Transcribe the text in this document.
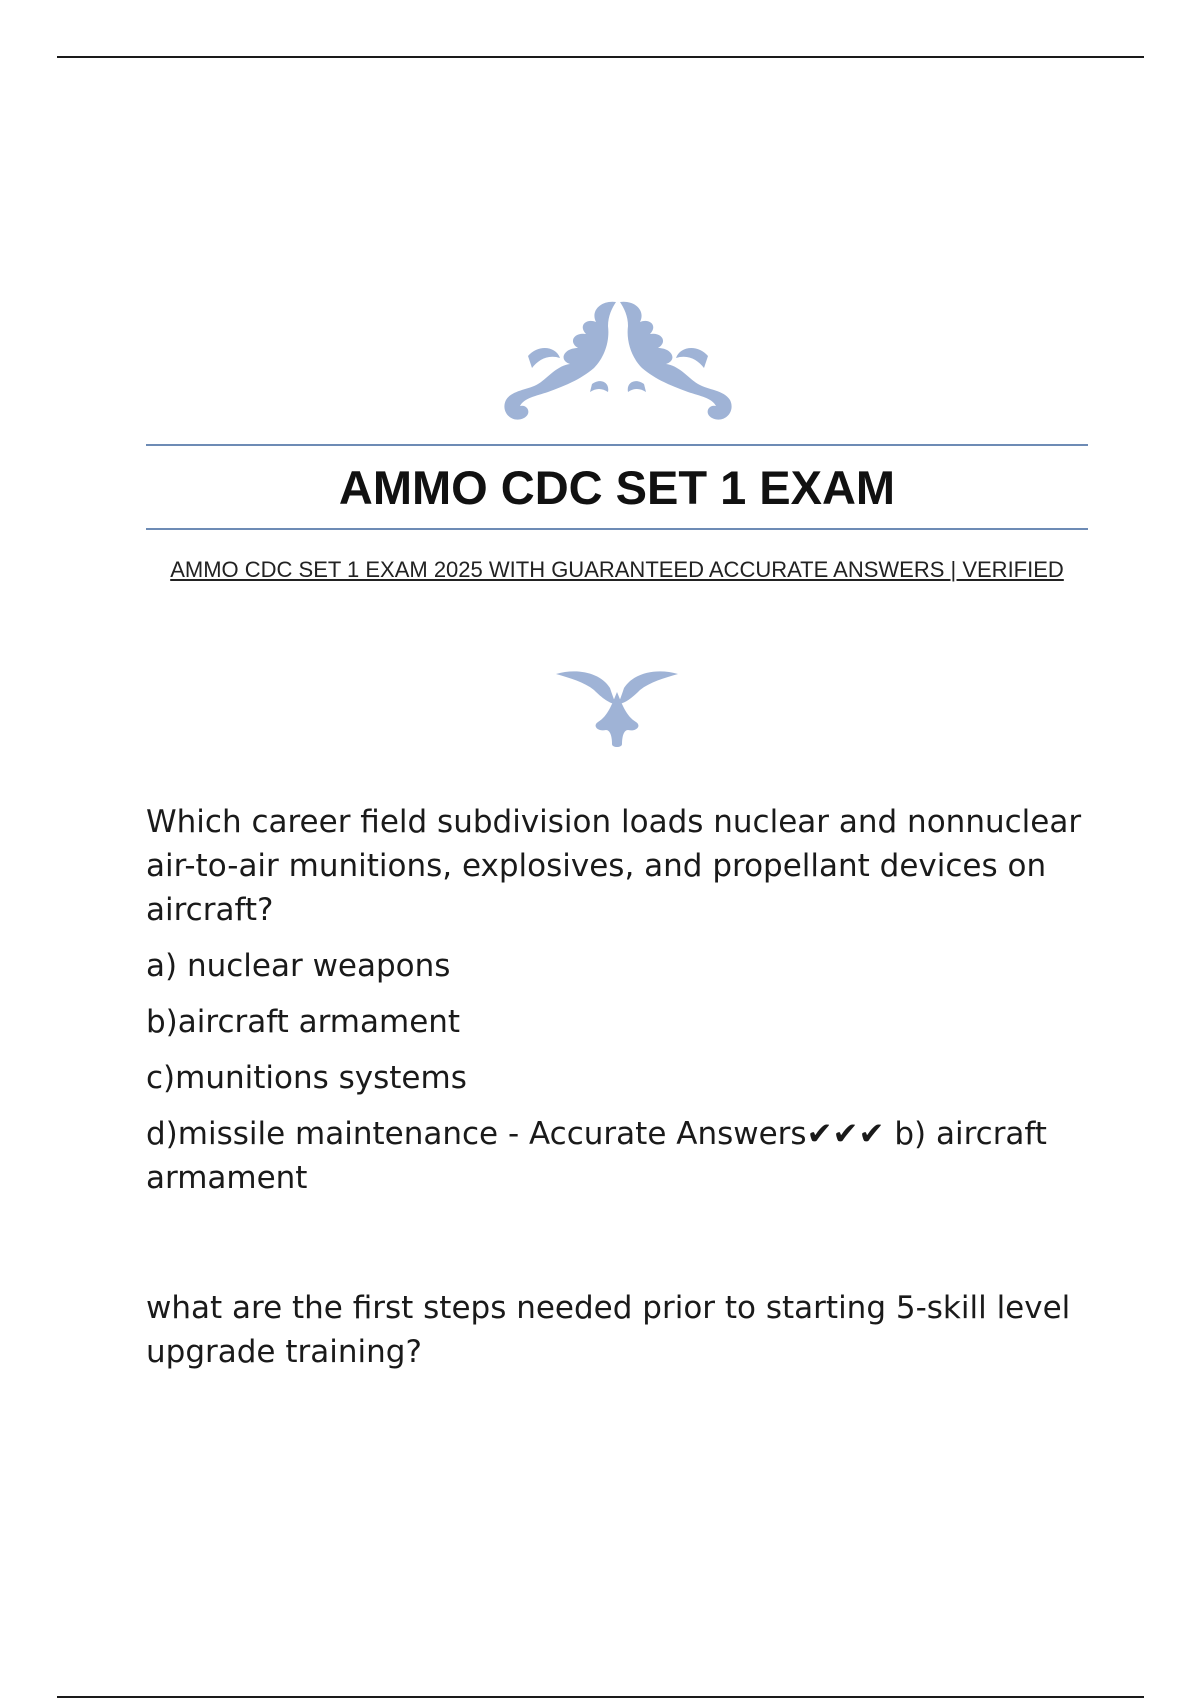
AMMO CDC SET 1 EXAM

AMMO CDC SET 1 EXAM 2025 WITH GUARANTEED ACCURATE ANSWERS | VERIFIED

Which career field subdivision loads nuclear and nonnuclear air-to-air munitions, explosives, and propellant devices on aircraft?

a) nuclear weapons

b)aircraft armament

c)munitions systems

d)missile maintenance - Accurate Answers✔✔✔ b) aircraft armament

what are the first steps needed prior to starting 5-skill level upgrade training?
